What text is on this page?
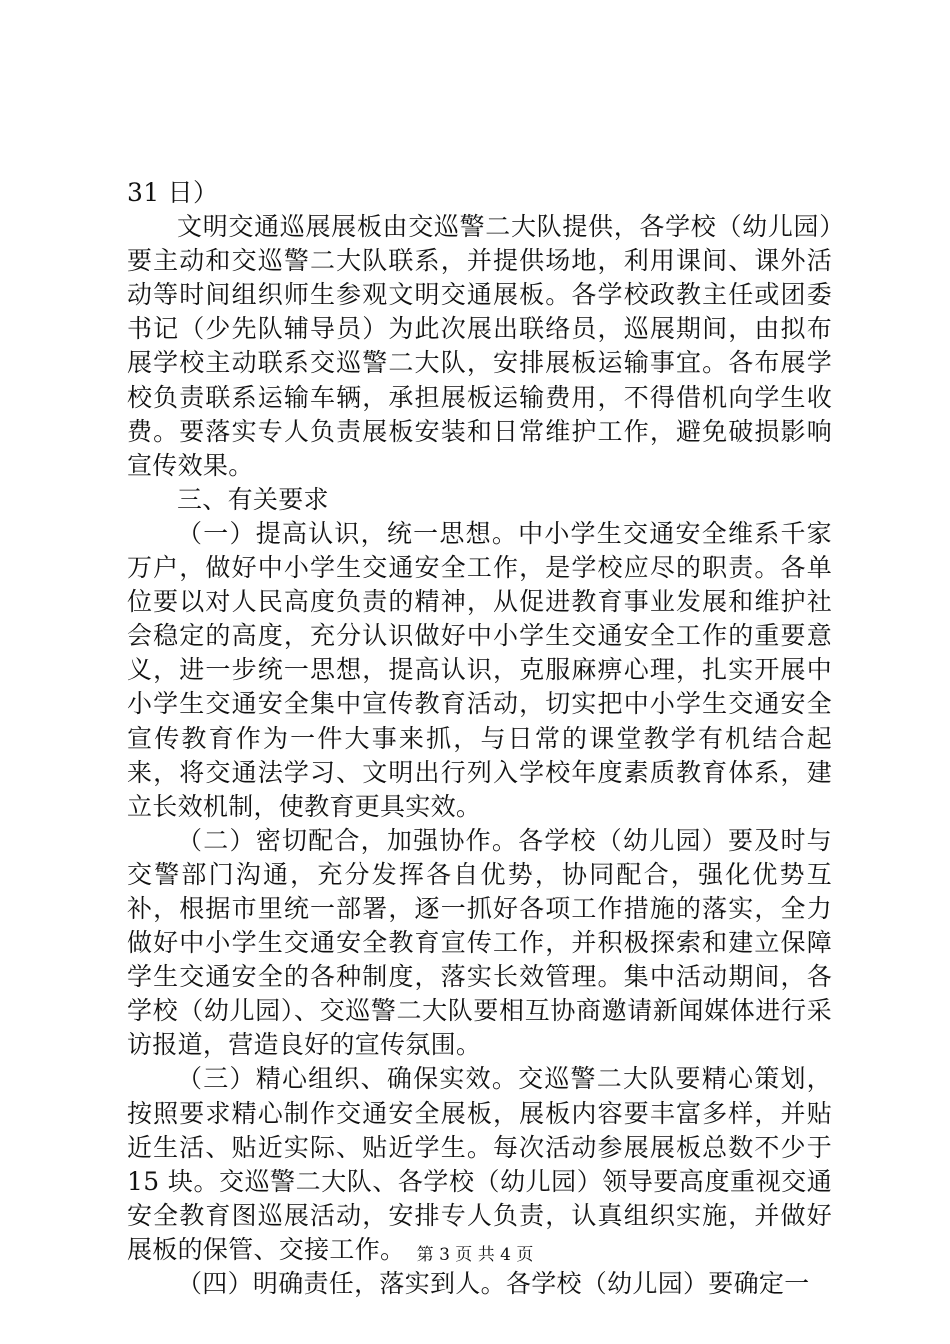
31 日）

文明交通巡展展板由交巡警二大队提供，各学校（幼儿园）要主动和交巡警二大队联系，并提供场地，利用课间、课外活动等时间组织师生参观文明交通展板。各学校政教主任或团委书记（少先队辅导员）为此次展出联络员，巡展期间，由拟布展学校主动联系交巡警二大队，安排展板运输事宜。各布展学校负责联系运输车辆，承担展板运输费用，不得借机向学生收费。要落实专人负责展板安装和日常维护工作，避免破损影响宣传效果。

三、有关要求

（一）提高认识，统一思想。中小学生交通安全维系千家万户，做好中小学生交通安全工作，是学校应尽的职责。各单位要以对人民高度负责的精神，从促进教育事业发展和维护社会稳定的高度，充分认识做好中小学生交通安全工作的重要意义，进一步统一思想，提高认识，克服麻痹心理，扎实开展中小学生交通安全集中宣传教育活动，切实把中小学生交通安全宣传教育作为一件大事来抓，与日常的课堂教学有机结合起来，将交通法学习、文明出行列入学校年度素质教育体系，建立长效机制，使教育更具实效。

（二）密切配合，加强协作。各学校（幼儿园）要及时与交警部门沟通，充分发挥各自优势，协同配合，强化优势互补，根据市里统一部署，逐一抓好各项工作措施的落实，全力做好中小学生交通安全教育宣传工作，并积极探索和建立保障学生交通安全的各种制度，落实长效管理。集中活动期间，各学校（幼儿园）、交巡警二大队要相互协商邀请新闻媒体进行采访报道，营造良好的宣传氛围。

（三）精心组织、确保实效。交巡警二大队要精心策划，按照要求精心制作交通安全展板，展板内容要丰富多样，并贴近生活、贴近实际、贴近学生。每次活动参展展板总数不少于 15 块。交巡警二大队、各学校（幼儿园）领导要高度重视交通安全教育图巡展活动，安排专人负责，认真组织实施，并做好展板的保管、交接工作。

（四）明确责任，落实到人。各学校（幼儿园）要确定一

第 3 页 共 4 页
